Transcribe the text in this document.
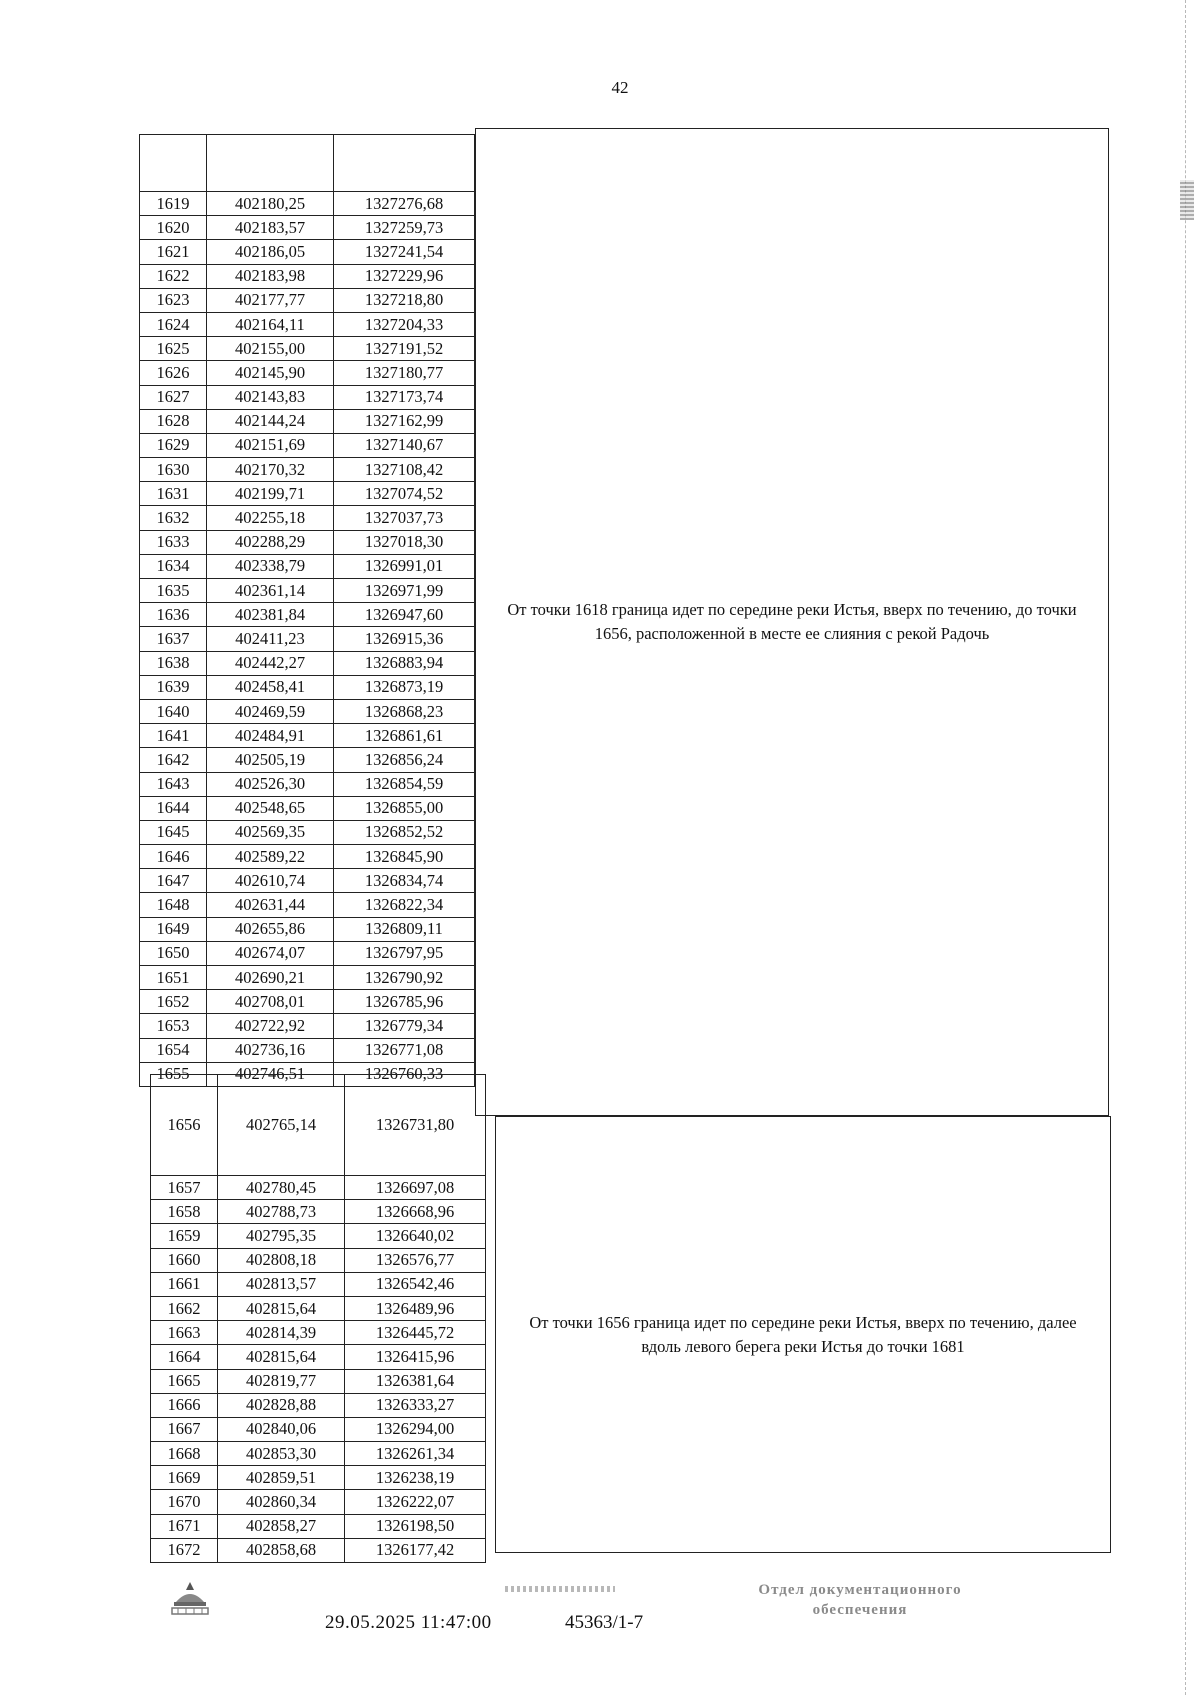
42

1619	402180,25	1327276,68
1620	402183,57	1327259,73
1621	402186,05	1327241,54
1622	402183,98	1327229,96
1623	402177,77	1327218,80
1624	402164,11	1327204,33
1625	402155,00	1327191,52
1626	402145,90	1327180,77
1627	402143,83	1327173,74
1628	402144,24	1327162,99
1629	402151,69	1327140,67
1630	402170,32	1327108,42
1631	402199,71	1327074,52
1632	402255,18	1327037,73
1633	402288,29	1327018,30
1634	402338,79	1326991,01
1635	402361,14	1326971,99
1636	402381,84	1326947,60
1637	402411,23	1326915,36
1638	402442,27	1326883,94
1639	402458,41	1326873,19
1640	402469,59	1326868,23
1641	402484,91	1326861,61
1642	402505,19	1326856,24
1643	402526,30	1326854,59
1644	402548,65	1326855,00
1645	402569,35	1326852,52
1646	402589,22	1326845,90
1647	402610,74	1326834,74
1648	402631,44	1326822,34
1649	402655,86	1326809,11
1650	402674,07	1326797,95
1651	402690,21	1326790,92
1652	402708,01	1326785,96
1653	402722,92	1326779,34
1654	402736,16	1326771,08
1655	402746,51	1326760,33
От точки 1618 граница идет по середине реки Истья, вверх по течению, до точки 1656, расположенной в месте ее слияния с рекой Радочь
1656	402765,14	1326731,80
1657	402780,45	1326697,08
1658	402788,73	1326668,96
1659	402795,35	1326640,02
1660	402808,18	1326576,77
1661	402813,57	1326542,46
1662	402815,64	1326489,96
1663	402814,39	1326445,72
1664	402815,64	1326415,96
1665	402819,77	1326381,64
1666	402828,88	1326333,27
1667	402840,06	1326294,00
1668	402853,30	1326261,34
1669	402859,51	1326238,19
1670	402860,34	1326222,07
1671	402858,27	1326198,50
1672	402858,68	1326177,42
От точки 1656 граница идет по середине реки Истья, вверх по течению, далее вдоль левого берега реки Истья до точки 1681
29.05.2025 11:47:00	45363/1-7
Отдел документационного
обеспечения
